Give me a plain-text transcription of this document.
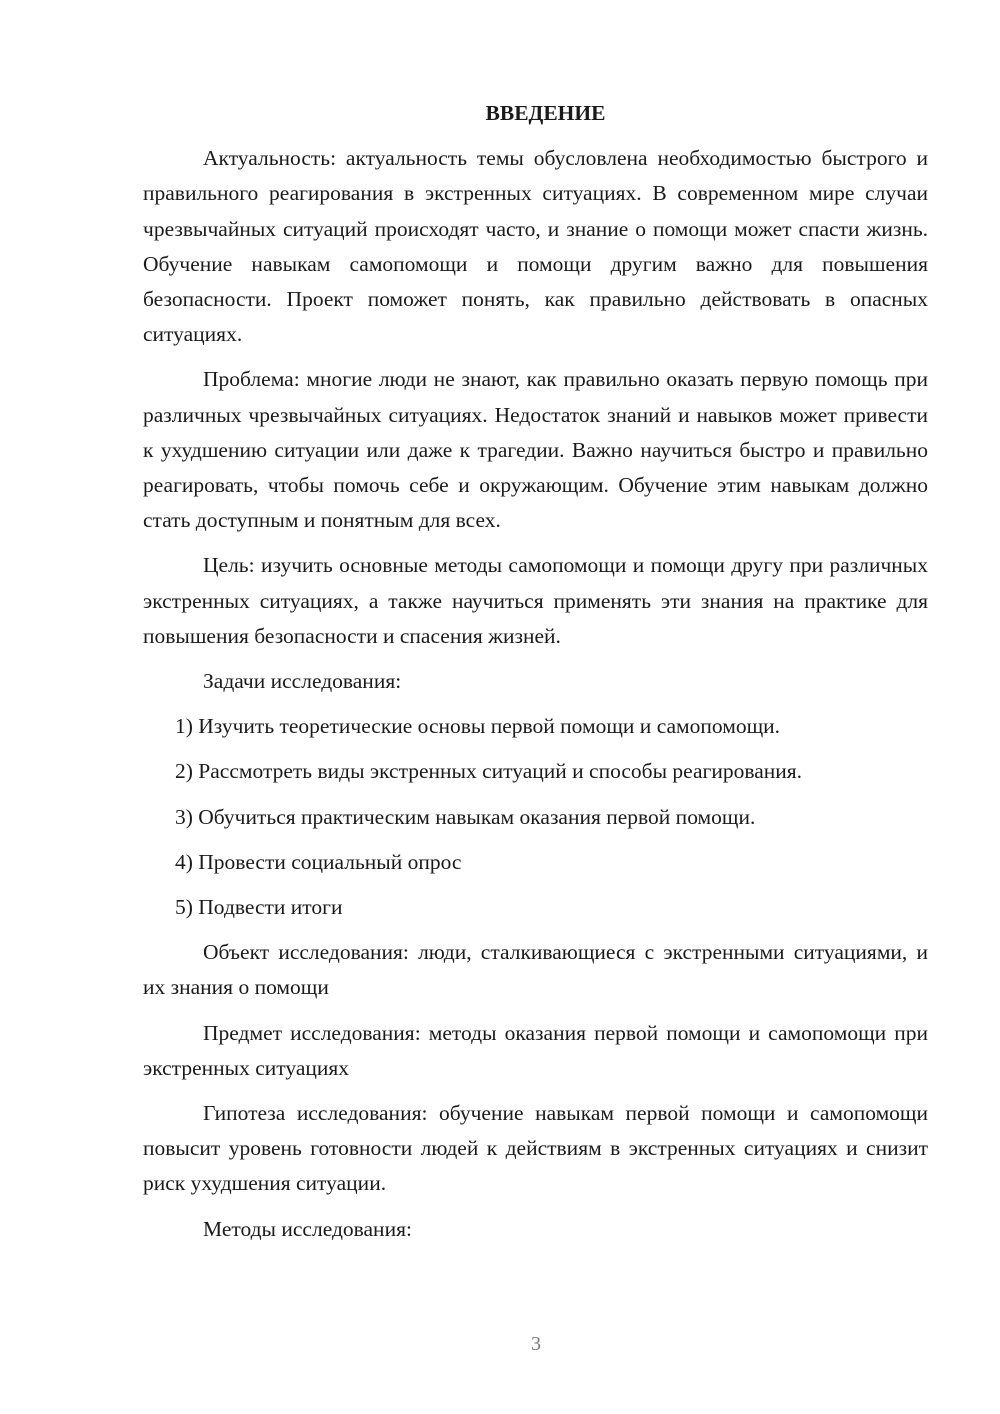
ВВЕДЕНИЕ

Актуальность: актуальность темы обусловлена необходимостью быстрого и правильного реагирования в экстренных ситуациях. В современном мире случаи чрезвычайных ситуаций происходят часто, и знание о помощи может спасти жизнь. Обучение навыкам самопомощи и помощи другим важно для повышения безопасности. Проект поможет понять, как правильно действовать в опасных ситуациях.

Проблема: многие люди не знают, как правильно оказать первую помощь при различных чрезвычайных ситуациях. Недостаток знаний и навыков может привести к ухудшению ситуации или даже к трагедии. Важно научиться быстро и правильно реагировать, чтобы помочь себе и окружающим. Обучение этим навыкам должно стать доступным и понятным для всех.

Цель: изучить основные методы самопомощи и помощи другу при различных экстренных ситуациях, а также научиться применять эти знания на практике для повышения безопасности и спасения жизней.

Задачи исследования:
1) Изучить теоретические основы первой помощи и самопомощи.
2) Рассмотреть виды экстренных ситуаций и способы реагирования.
3) Обучиться практическим навыкам оказания первой помощи.
4) Провести социальный опрос
5) Подвести итоги

Объект исследования: люди, сталкивающиеся с экстренными ситуациями, и их знания о помощи

Предмет исследования: методы оказания первой помощи и самопомощи при экстренных ситуациях

Гипотеза исследования: обучение навыкам первой помощи и самопомощи повысит уровень готовности людей к действиям в экстренных ситуациях и снизит риск ухудшения ситуации.

Методы исследования:
3
